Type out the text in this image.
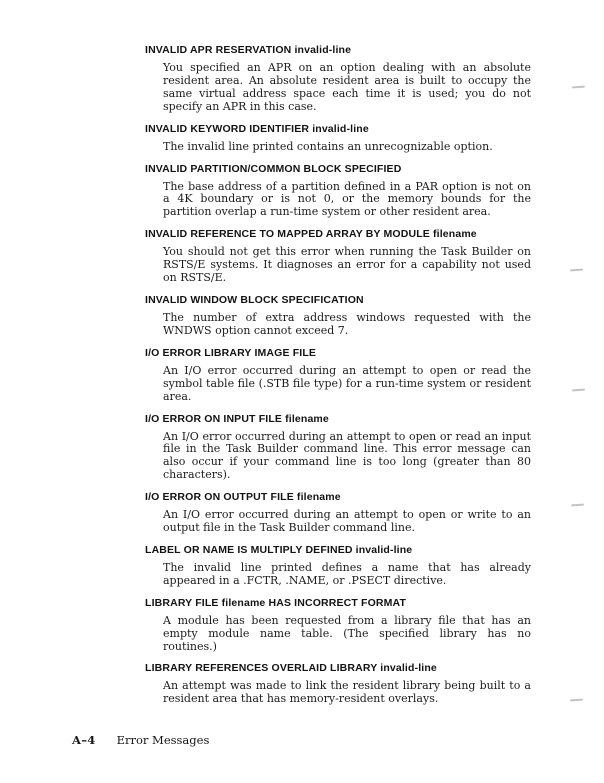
INVALID APR RESERVATION invalid-line

You specified an APR on an option dealing with an absolute resident area. An absolute resident area is built to occupy the same virtual address space each time it is used; you do not specify an APR in this case.

INVALID KEYWORD IDENTIFIER invalid-line

The invalid line printed contains an unrecognizable option.

INVALID PARTITION/COMMON BLOCK SPECIFIED

The base address of a partition defined in a PAR option is not on a 4K boundary or is not 0, or the memory bounds for the partition overlap a run-time system or other resident area.

INVALID REFERENCE TO MAPPED ARRAY BY MODULE filename

You should not get this error when running the Task Builder on RSTS/E systems. It diagnoses an error for a capability not used on RSTS/E.

INVALID WINDOW BLOCK SPECIFICATION

The number of extra address windows requested with the WNDWS option cannot exceed 7.

I/O ERROR LIBRARY IMAGE FILE

An I/O error occurred during an attempt to open or read the symbol table file (.STB file type) for a run-time system or resident area.

I/O ERROR ON INPUT FILE filename

An I/O error occurred during an attempt to open or read an input file in the Task Builder command line. This error message can also occur if your command line is too long (greater than 80 characters).

I/O ERROR ON OUTPUT FILE filename

An I/O error occurred during an attempt to open or write to an output file in the Task Builder command line.

LABEL OR NAME IS MULTIPLY DEFINED invalid-line

The invalid line printed defines a name that has already appeared in a .FCTR, .NAME, or .PSECT directive.

LIBRARY FILE filename HAS INCORRECT FORMAT

A module has been requested from a library file that has an empty module name table. (The specified library has no routines.)

LIBRARY REFERENCES OVERLAID LIBRARY invalid-line

An attempt was made to link the resident library being built to a resident area that has memory-resident overlays.

A–4 Error Messages
